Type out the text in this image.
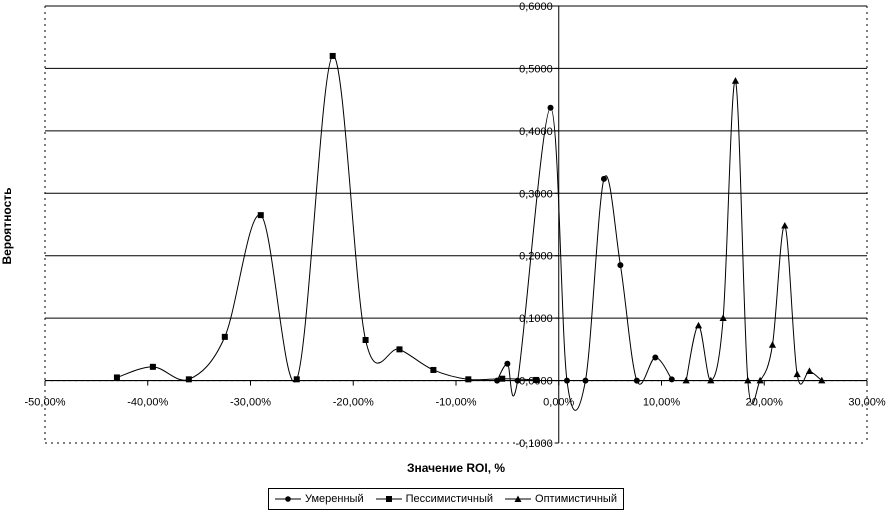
-0,1000
0,0000
0,1000
0,2000
0,3000
0,4000
0,5000
0,6000
-50,00%	-40,00%	-30,00%	-20,00%	-10,00%	0,00%	10,00%	20,00%	30,00%
Вероятность
Значение ROI, %
Умеренный	Пессимистичный	Оптимистичный
